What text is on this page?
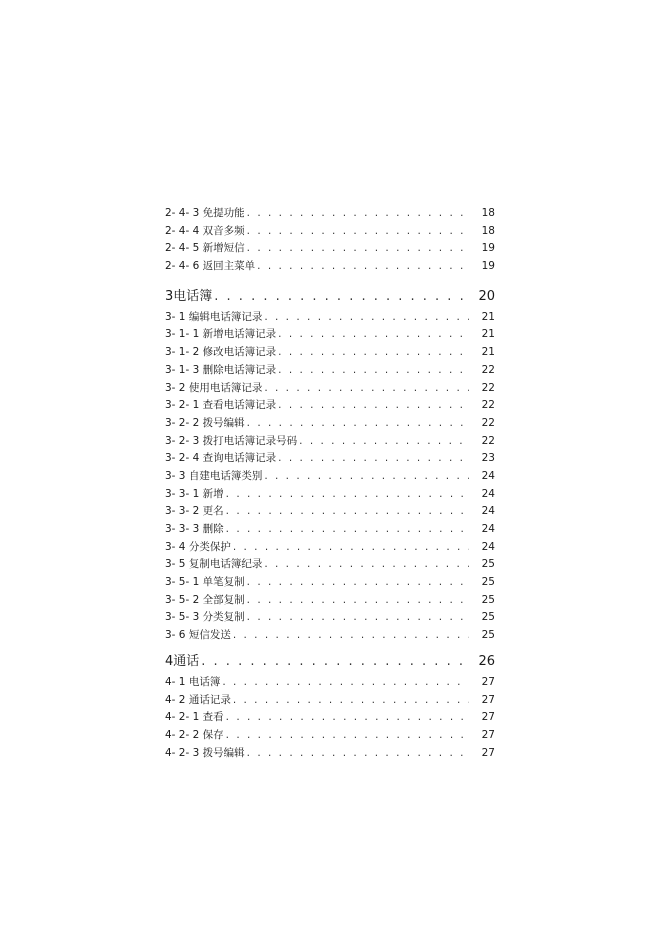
2- 4- 3 免提功能 . . .	18
2- 4- 4 双音多频 . . .	18
2- 4- 5 新增短信 . . .	19
2- 4- 6 返回主菜单 . . .	19
3电话簿 . . .	20
3- 1 编辑电话簿记录 . . .	21
3- 1- 1 新增电话簿记录 . . .	21
3- 1- 2 修改电话簿记录 . . .	21
3- 1- 3 删除电话簿记录 . . .	22
3- 2 使用电话簿记录 . . .	22
3- 2- 1 查看电话簿记录 . . .	22
3- 2- 2 拨号编辑 . . .	22
3- 2- 3 拨打电话簿记录号码 . . .	22
3- 2- 4 查询电话簿记录 . . .	23
3- 3 自建电话簿类别 . . .	24
3- 3- 1 新增 . . .	24
3- 3- 2 更名 . . .	24
3- 3- 3 删除 . . .	24
3- 4 分类保护 . . .	24
3- 5 复制电话簿纪录 . . .	25
3- 5- 1 单笔复制 . . .	25
3- 5- 2 全部复制 . . .	25
3- 5- 3 分类复制 . . .	25
3- 6 短信发送 . . .	25
4通话 . . .	26
4- 1 电话簿 . . .	27
4- 2 通话记录 . . .	27
4- 2- 1 查看 . . .	27
4- 2- 2 保存 . . .	27
4- 2- 3 拨号编辑 . . .	27
